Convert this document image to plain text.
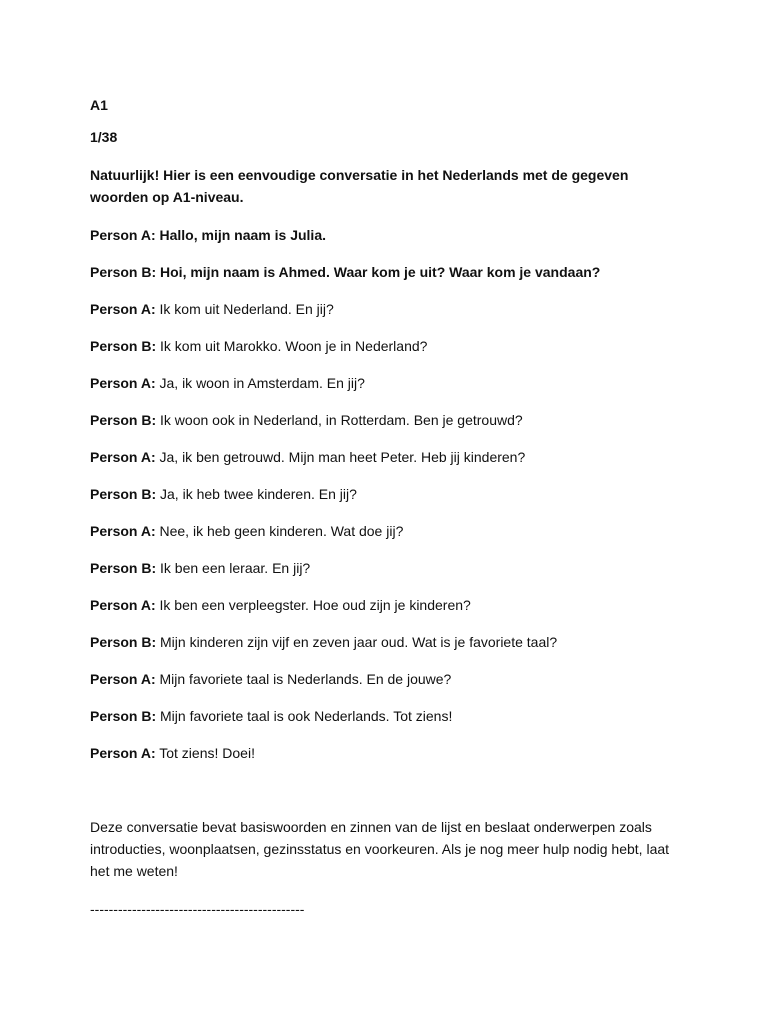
A1

1/38

Natuurlijk! Hier is een eenvoudige conversatie in het Nederlands met de gegeven woorden op A1-niveau.

Person A: Hallo, mijn naam is Julia.

Person B: Hoi, mijn naam is Ahmed. Waar kom je uit? Waar kom je vandaan?

Person A: Ik kom uit Nederland. En jij?

Person B: Ik kom uit Marokko. Woon je in Nederland?

Person A: Ja, ik woon in Amsterdam. En jij?

Person B: Ik woon ook in Nederland, in Rotterdam. Ben je getrouwd?

Person A: Ja, ik ben getrouwd. Mijn man heet Peter. Heb jij kinderen?

Person B: Ja, ik heb twee kinderen. En jij?

Person A: Nee, ik heb geen kinderen. Wat doe jij?

Person B: Ik ben een leraar. En jij?

Person A: Ik ben een verpleegster. Hoe oud zijn je kinderen?

Person B: Mijn kinderen zijn vijf en zeven jaar oud. Wat is je favoriete taal?

Person A: Mijn favoriete taal is Nederlands. En de jouwe?

Person B: Mijn favoriete taal is ook Nederlands. Tot ziens!

Person A: Tot ziens! Doei!

Deze conversatie bevat basiswoorden en zinnen van de lijst en beslaat onderwerpen zoals introducties, woonplaatsen, gezinsstatus en voorkeuren. Als je nog meer hulp nodig hebt, laat het me weten!

----------------------------------------------
